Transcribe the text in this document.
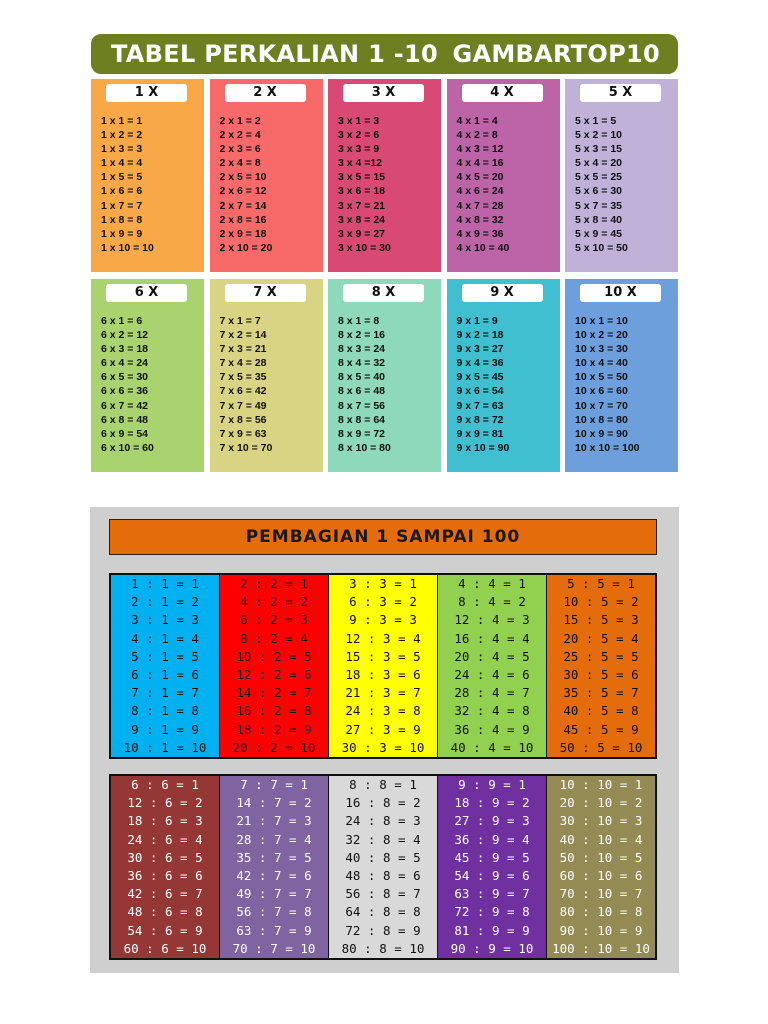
TABEL PERKALIAN 1 -10 GAMBARTOP10
1 X
1 x 1 = 1
1 x 2 = 2
1 x 3 = 3
1 x 4 = 4
1 x 5 = 5
1 x 6 = 6
1 x 7 = 7
1 x 8 = 8
1 x 9 = 9
1 x 10 = 10
2 X
2 x 1 = 2
2 x 2 = 4
2 x 3 = 6
2 x 4 = 8
2 x 5 = 10
2 x 6 = 12
2 x 7 = 14
2 x 8 = 16
2 x 9 = 18
2 x 10 = 20
3 X
3 x 1 = 3
3 x 2 = 6
3 x 3 = 9
3 x 4 =12
3 x 5 = 15
3 x 6 = 18
3 x 7 = 21
3 x 8 = 24
3 x 9 = 27
3 x 10 = 30
4 X
4 x 1 = 4
4 x 2 = 8
4 x 3 = 12
4 x 4 = 16
4 x 5 = 20
4 x 6 = 24
4 x 7 = 28
4 x 8 = 32
4 x 9 = 36
4 x 10 = 40
5 X
5 x 1 = 5
5 x 2 = 10
5 x 3 = 15
5 x 4 = 20
5 x 5 = 25
5 x 6 = 30
5 x 7 = 35
5 x 8 = 40
5 x 9 = 45
5 x 10 = 50
6 X
6 x 1 = 6
6 x 2 = 12
6 x 3 = 18
6 x 4 = 24
6 x 5 = 30
6 x 6 = 36
6 x 7 = 42
6 x 8 = 48
6 x 9 = 54
6 x 10 = 60
7 X
7 x 1 = 7
7 x 2 = 14
7 x 3 = 21
7 x 4 = 28
7 x 5 = 35
7 x 6 = 42
7 x 7 = 49
7 x 8 = 56
7 x 9 = 63
7 x 10 = 70
8 X
8 x 1 = 8
8 x 2 = 16
8 x 3 = 24
8 x 4 = 32
8 x 5 = 40
8 x 6 = 48
8 x 7 = 56
8 x 8 = 64
8 x 9 = 72
8 x 10 = 80
9 X
9 x 1 = 9
9 x 2 = 18
9 x 3 = 27
9 x 4 = 36
9 x 5 = 45
9 x 6 = 54
9 x 7 = 63
9 x 8 = 72
9 x 9 = 81
9 x 10 = 90
10 X
10 x 1 = 10
10 x 2 = 20
10 x 3 = 30
10 x 4 = 40
10 x 5 = 50
10 x 6 = 60
10 x 7 = 70
10 x 8 = 80
10 x 9 = 90
10 x 10 = 100
PEMBAGIAN 1 SAMPAI 100
1 : 1 = 1
2 : 1 = 2
3 : 1 = 3
4 : 1 = 4
5 : 1 = 5
6 : 1 = 6
7 : 1 = 7
8 : 1 = 8
9 : 1 = 9
10 : 1 = 10
2 : 2 = 1
4 : 2 = 2
6 : 2 = 3
8 : 2 = 4
10 : 2 = 5
12 : 2 = 6
14 : 2 = 7
16 : 2 = 8
18 : 2 = 9
20 : 2 = 10
3 : 3 = 1
6 : 3 = 2
9 : 3 = 3
12 : 3 = 4
15 : 3 = 5
18 : 3 = 6
21 : 3 = 7
24 : 3 = 8
27 : 3 = 9
30 : 3 = 10
4 : 4 = 1
8 : 4 = 2
12 : 4 = 3
16 : 4 = 4
20 : 4 = 5
24 : 4 = 6
28 : 4 = 7
32 : 4 = 8
36 : 4 = 9
40 : 4 = 10
5 : 5 = 1
10 : 5 = 2
15 : 5 = 3
20 : 5 = 4
25 : 5 = 5
30 : 5 = 6
35 : 5 = 7
40 : 5 = 8
45 : 5 = 9
50 : 5 = 10
6 : 6 = 1
12 : 6 = 2
18 : 6 = 3
24 : 6 = 4
30 : 6 = 5
36 : 6 = 6
42 : 6 = 7
48 : 6 = 8
54 : 6 = 9
60 : 6 = 10
7 : 7 = 1
14 : 7 = 2
21 : 7 = 3
28 : 7 = 4
35 : 7 = 5
42 : 7 = 6
49 : 7 = 7
56 : 7 = 8
63 : 7 = 9
70 : 7 = 10
8 : 8 = 1
16 : 8 = 2
24 : 8 = 3
32 : 8 = 4
40 : 8 = 5
48 : 8 = 6
56 : 8 = 7
64 : 8 = 8
72 : 8 = 9
80 : 8 = 10
9 : 9 = 1
18 : 9 = 2
27 : 9 = 3
36 : 9 = 4
45 : 9 = 5
54 : 9 = 6
63 : 9 = 7
72 : 9 = 8
81 : 9 = 9
90 : 9 = 10
10 : 10 = 1
20 : 10 = 2
30 : 10 = 3
40 : 10 = 4
50 : 10 = 5
60 : 10 = 6
70 : 10 = 7
80 : 10 = 8
90 : 10 = 9
100 : 10 = 10
